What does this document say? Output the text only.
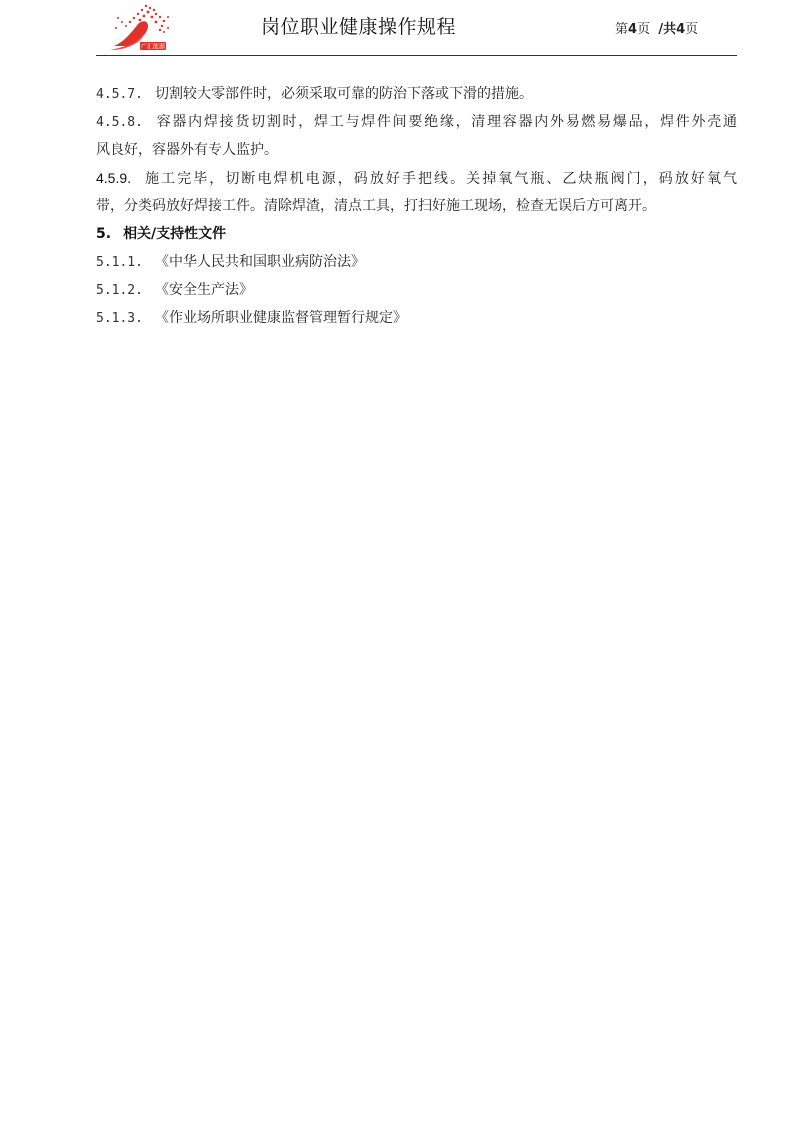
广汇能源
岗位职业健康操作规程	第4页 /共4页
4.5.7. 切割较大零部件时，必须采取可靠的防治下落或下滑的措施。
4.5.8. 容器内焊接货切割时，焊工与焊件间要绝缘，清理容器内外易燃易爆品，焊件外壳通
风良好，容器外有专人监护。
4.5.9. 施工完毕，切断电焊机电源，码放好手把线。关掉氧气瓶、乙炔瓶阀门，码放好氧气
带，分类码放好焊接工件。清除焊渣，清点工具，打扫好施工现场，检查无误后方可离开。
5. 相关/支持性文件
5.1.1. 《中华人民共和国职业病防治法》
5.1.2. 《安全生产法》
5.1.3. 《作业场所职业健康监督管理暂行规定》
